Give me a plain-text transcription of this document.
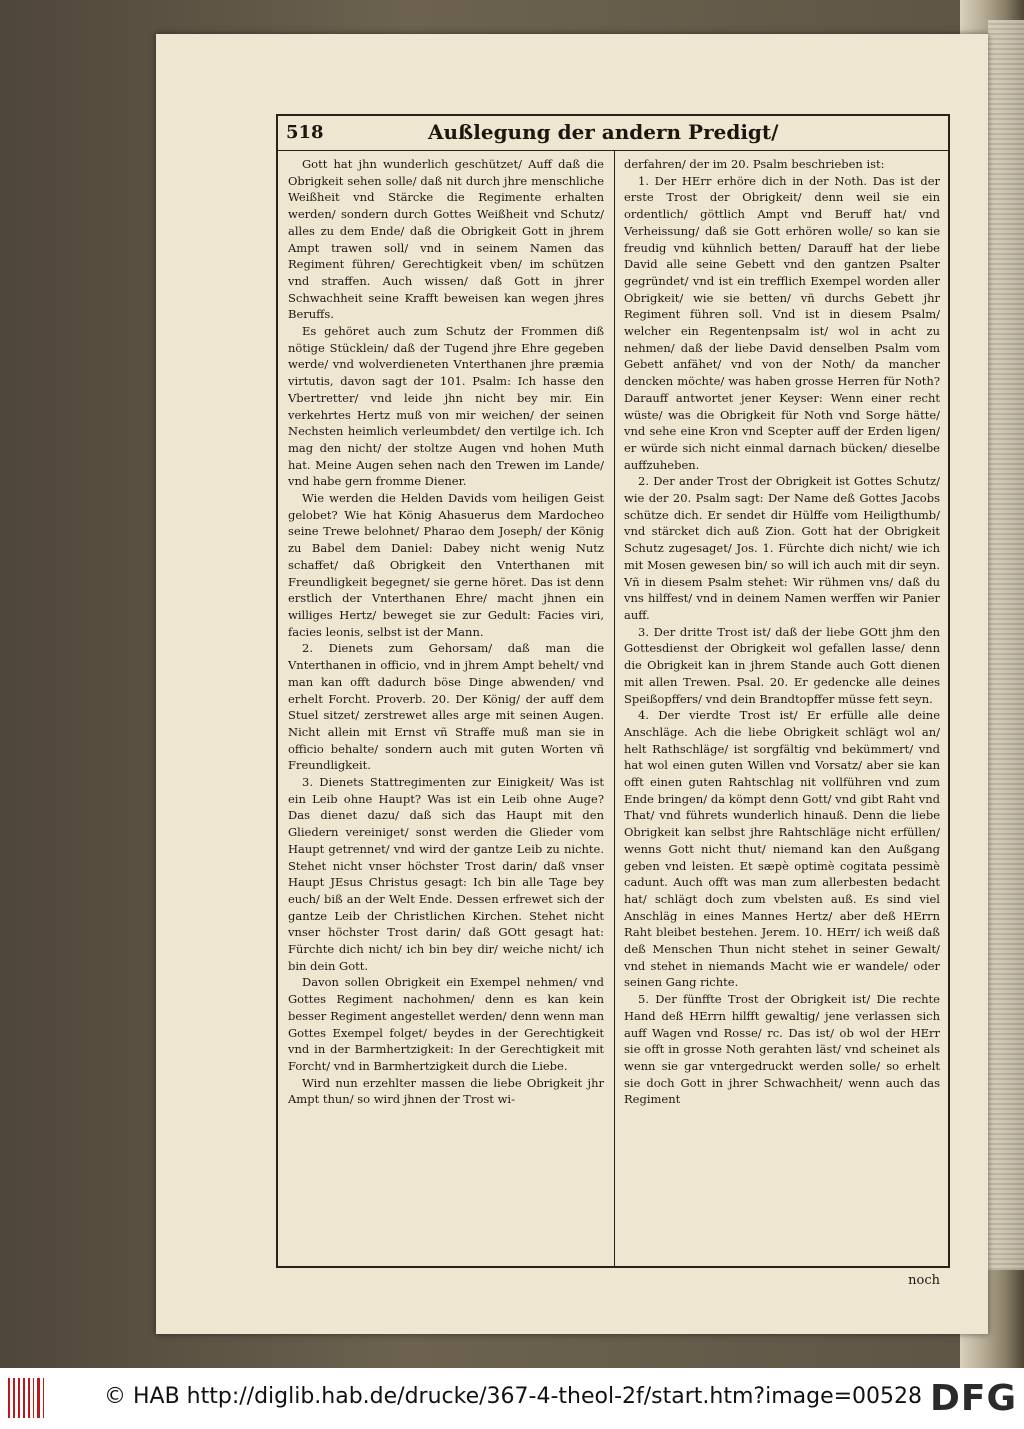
518	Außlegung der andern Predigt/

Gott hat jhn wunderlich geschützet/ Auff daß die Obrigkeit sehen solle/ daß nit durch jhre menschliche Weißheit vnd Stärcke die Regimente erhalten werden/ sondern durch Gottes Weißheit vnd Schutz/ alles zu dem Ende/ daß die Obrigkeit Gott in jhrem Ampt trawen soll/ vnd in seinem Namen das Regiment führen/ Gerechtigkeit vben/ im schützen vnd straffen. Auch wissen/ daß Gott in jhrer Schwachheit seine Krafft beweisen kan wegen jhres Beruffs.

Es gehöret auch zum Schutz der Frommen diß nötige Stücklein/ daß der Tugend jhre Ehre gegeben werde/ vnd wolverdieneten Vnterthanen jhre præmia virtutis, davon sagt der 101. Psalm: Ich hasse den Vbertretter/ vnd leide jhn nicht bey mir. Ein verkehrtes Hertz muß von mir weichen/ der seinen Nechsten heimlich verleumbdet/ den vertilge ich. Ich mag den nicht/ der stoltze Augen vnd hohen Muth hat. Meine Augen sehen nach den Trewen im Lande/ vnd habe gern fromme Diener.

Wie werden die Helden Davids vom heiligen Geist gelobet? Wie hat König Ahasuerus dem Mardocheo seine Trewe belohnet/ Pharao dem Joseph/ der König zu Babel dem Daniel: Dabey nicht wenig Nutz schaffet/ daß Obrigkeit den Vnterthanen mit Freundligkeit begegnet/ sie gerne höret. Das ist denn erstlich der Vnterthanen Ehre/ macht jhnen ein williges Hertz/ beweget sie zur Gedult: Facies viri, facies leonis, selbst ist der Mann.

2. Dienets zum Gehorsam/ daß man die Vnterthanen in officio, vnd in jhrem Ampt behelt/ vnd man kan offt dadurch böse Dinge abwenden/ vnd erhelt Forcht. Proverb. 20. Der König/ der auff dem Stuel sitzet/ zerstrewet alles arge mit seinen Augen. Nicht allein mit Ernst vñ Straffe muß man sie in officio behalte/ sondern auch mit guten Worten vñ Freundligkeit.

3. Dienets Stattregimenten zur Einigkeit/ Was ist ein Leib ohne Haupt? Was ist ein Leib ohne Auge? Das dienet dazu/ daß sich das Haupt mit den Gliedern vereiniget/ sonst werden die Glieder vom Haupt getrennet/ vnd wird der gantze Leib zu nichte. Stehet nicht vnser höchster Trost darin/ daß vnser Haupt JEsus Christus gesagt: Ich bin alle Tage bey euch/ biß an der Welt Ende. Dessen erfrewet sich der gantze Leib der Christlichen Kirchen. Stehet nicht vnser höchster Trost darin/ daß GOtt gesagt hat: Fürchte dich nicht/ ich bin bey dir/ weiche nicht/ ich bin dein Gott.

Davon sollen Obrigkeit ein Exempel nehmen/ vnd Gottes Regiment nachohmen/ denn es kan kein besser Regiment angestellet werden/ denn wenn man Gottes Exempel folget/ beydes in der Gerechtigkeit vnd in der Barmhertzigkeit: In der Gerechtigkeit mit Forcht/ vnd in Barmhertzigkeit durch die Liebe.

Wird nun erzehlter massen die liebe Obrigkeit jhr Ampt thun/ so wird jhnen der Trost wi-

derfahren/ der im 20. Psalm beschrieben ist:

1. Der HErr erhöre dich in der Noth. Das ist der erste Trost der Obrigkeit/ denn weil sie ein ordentlich/ göttlich Ampt vnd Beruff hat/ vnd Verheissung/ daß sie Gott erhören wolle/ so kan sie freudig vnd kühnlich betten/ Darauff hat der liebe David alle seine Gebett vnd den gantzen Psalter gegründet/ vnd ist ein trefflich Exempel worden aller Obrigkeit/ wie sie betten/ vñ durchs Gebett jhr Regiment führen soll. Vnd ist in diesem Psalm/ welcher ein Regentenpsalm ist/ wol in acht zu nehmen/ daß der liebe David denselben Psalm vom Gebett anfähet/ vnd von der Noth/ da mancher dencken möchte/ was haben grosse Herren für Noth? Darauff antwortet jener Keyser: Wenn einer recht wüste/ was die Obrigkeit für Noth vnd Sorge hätte/ vnd sehe eine Kron vnd Scepter auff der Erden ligen/ er würde sich nicht einmal darnach bücken/ dieselbe auffzuheben.

2. Der ander Trost der Obrigkeit ist Gottes Schutz/ wie der 20. Psalm sagt: Der Name deß Gottes Jacobs schütze dich. Er sendet dir Hülffe vom Heiligthumb/ vnd stärcket dich auß Zion. Gott hat der Obrigkeit Schutz zugesaget/ Jos. 1. Fürchte dich nicht/ wie ich mit Mosen gewesen bin/ so will ich auch mit dir seyn. Vñ in diesem Psalm stehet: Wir rühmen vns/ daß du vns hilffest/ vnd in deinem Namen werffen wir Panier auff.

3. Der dritte Trost ist/ daß der liebe GOtt jhm den Gottesdienst der Obrigkeit wol gefallen lasse/ denn die Obrigkeit kan in jhrem Stande auch Gott dienen mit allen Trewen. Psal. 20. Er gedencke alle deines Speißopffers/ vnd dein Brandtopffer müsse fett seyn.

4. Der vierdte Trost ist/ Er erfülle alle deine Anschläge. Ach die liebe Obrigkeit schlägt wol an/ helt Rathschläge/ ist sorgfältig vnd bekümmert/ vnd hat wol einen guten Willen vnd Vorsatz/ aber sie kan offt einen guten Rahtschlag nit vollführen vnd zum Ende bringen/ da kömpt denn Gott/ vnd gibt Raht vnd That/ vnd führets wunderlich hinauß. Denn die liebe Obrigkeit kan selbst jhre Rahtschläge nicht erfüllen/ wenns Gott nicht thut/ niemand kan den Außgang geben vnd leisten. Et sæpè optimè cogitata pessimè cadunt. Auch offt was man zum allerbesten bedacht hat/ schlägt doch zum vbelsten auß. Es sind viel Anschläg in eines Mannes Hertz/ aber deß HErrn Raht bleibet bestehen. Jerem. 10. HErr/ ich weiß daß deß Menschen Thun nicht stehet in seiner Gewalt/ vnd stehet in niemands Macht wie er wandele/ oder seinen Gang richte.

5. Der fünffte Trost der Obrigkeit ist/ Die rechte Hand deß HErrn hilfft gewaltig/ jene verlassen sich auff Wagen vnd Rosse/ rc. Das ist/ ob wol der HErr sie offt in grosse Noth gerahten läst/ vnd scheinet als wenn sie gar vntergedruckt werden solle/ so erhelt sie doch Gott in jhrer Schwachheit/ wenn auch das Regiment

noch
© HAB http://diglib.hab.de/drucke/367-4-theol-2f/start.htm?image=00528 DFG
